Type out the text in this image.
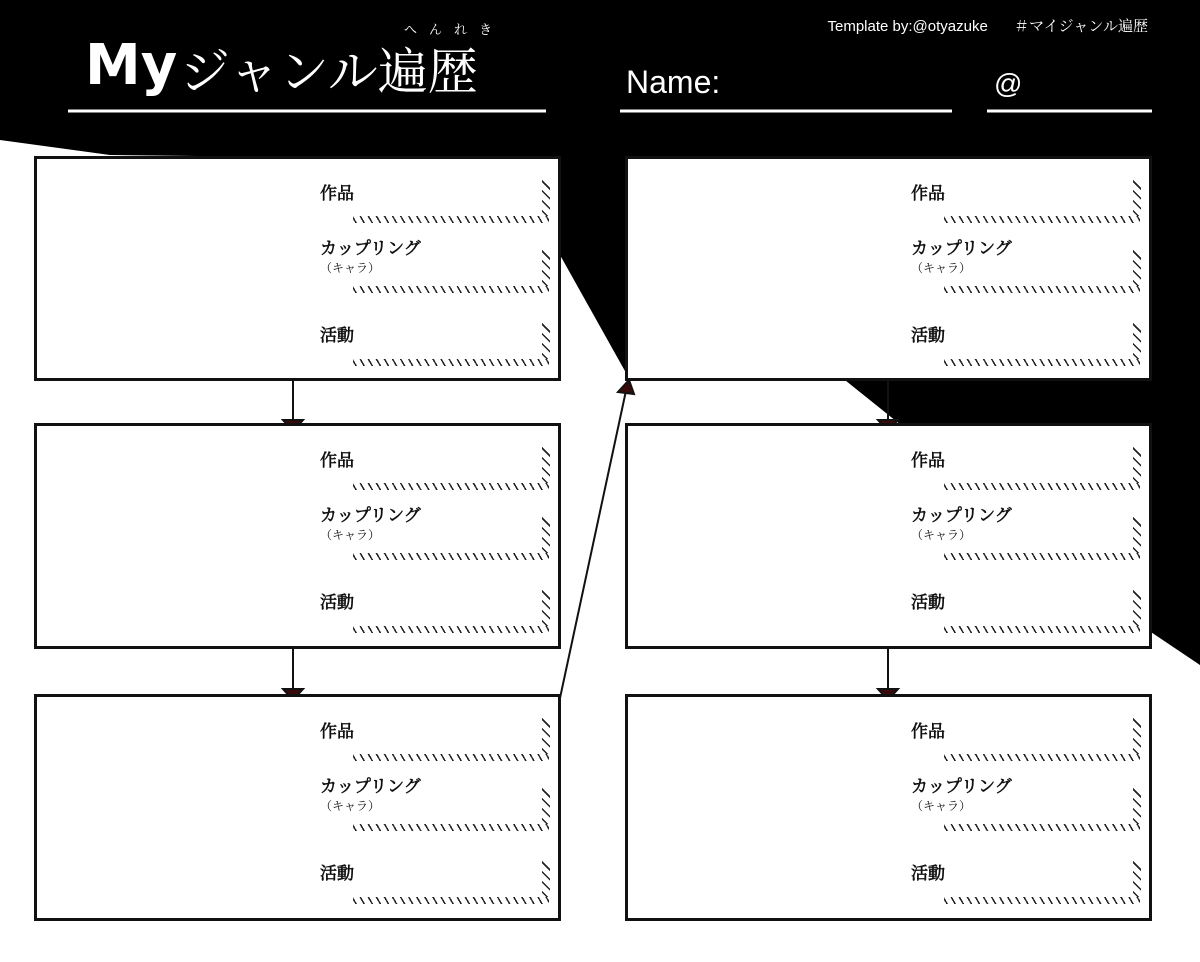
My ジャンル遍歴
へんれき	Template by:@otyazuke ＃マイジャンル遍歴
Name:	@
作品
カップリング
（キャラ）
活動
作品
カップリング
（キャラ）
活動
作品
カップリング
（キャラ）
活動
作品
カップリング
（キャラ）
活動
作品
カップリング
（キャラ）
活動
作品
カップリング
（キャラ）
活動
